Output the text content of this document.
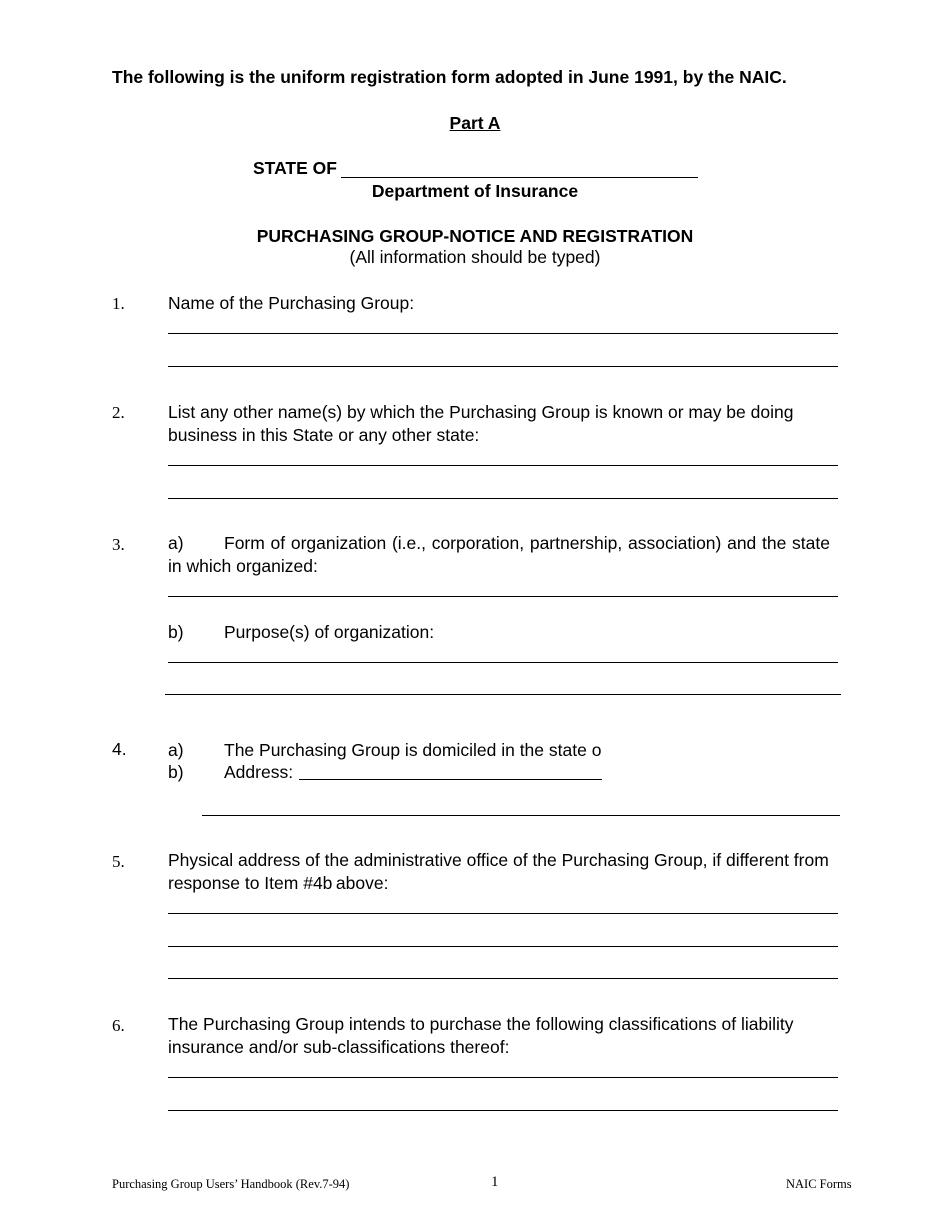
The following is the uniform registration form adopted in June 1991, by the NAIC.
Part A
STATE OF
Department of Insurance
PURCHASING GROUP-NOTICE AND REGISTRATION
(All information should be typed)
1. Name of the Purchasing Group:
2. List any other name(s) by which the Purchasing Group is known or may be doing business in this State or any other state:
3. a)	Form of organization (i.e., corporation, partnership, association) and the state in which organized:
b) Purpose(s) of organization:
4. a) The Purchasing Group is domiciled in the state o
b) Address:
5. Physical address of the administrative office of the Purchasing Group, if different from response to Item #4b above:
6. The Purchasing Group intends to purchase the following classifications of liability insurance and/or sub-classifications thereof:
Purchasing Group Users’ Handbook (Rev.7-94)	1	NAIC Forms
